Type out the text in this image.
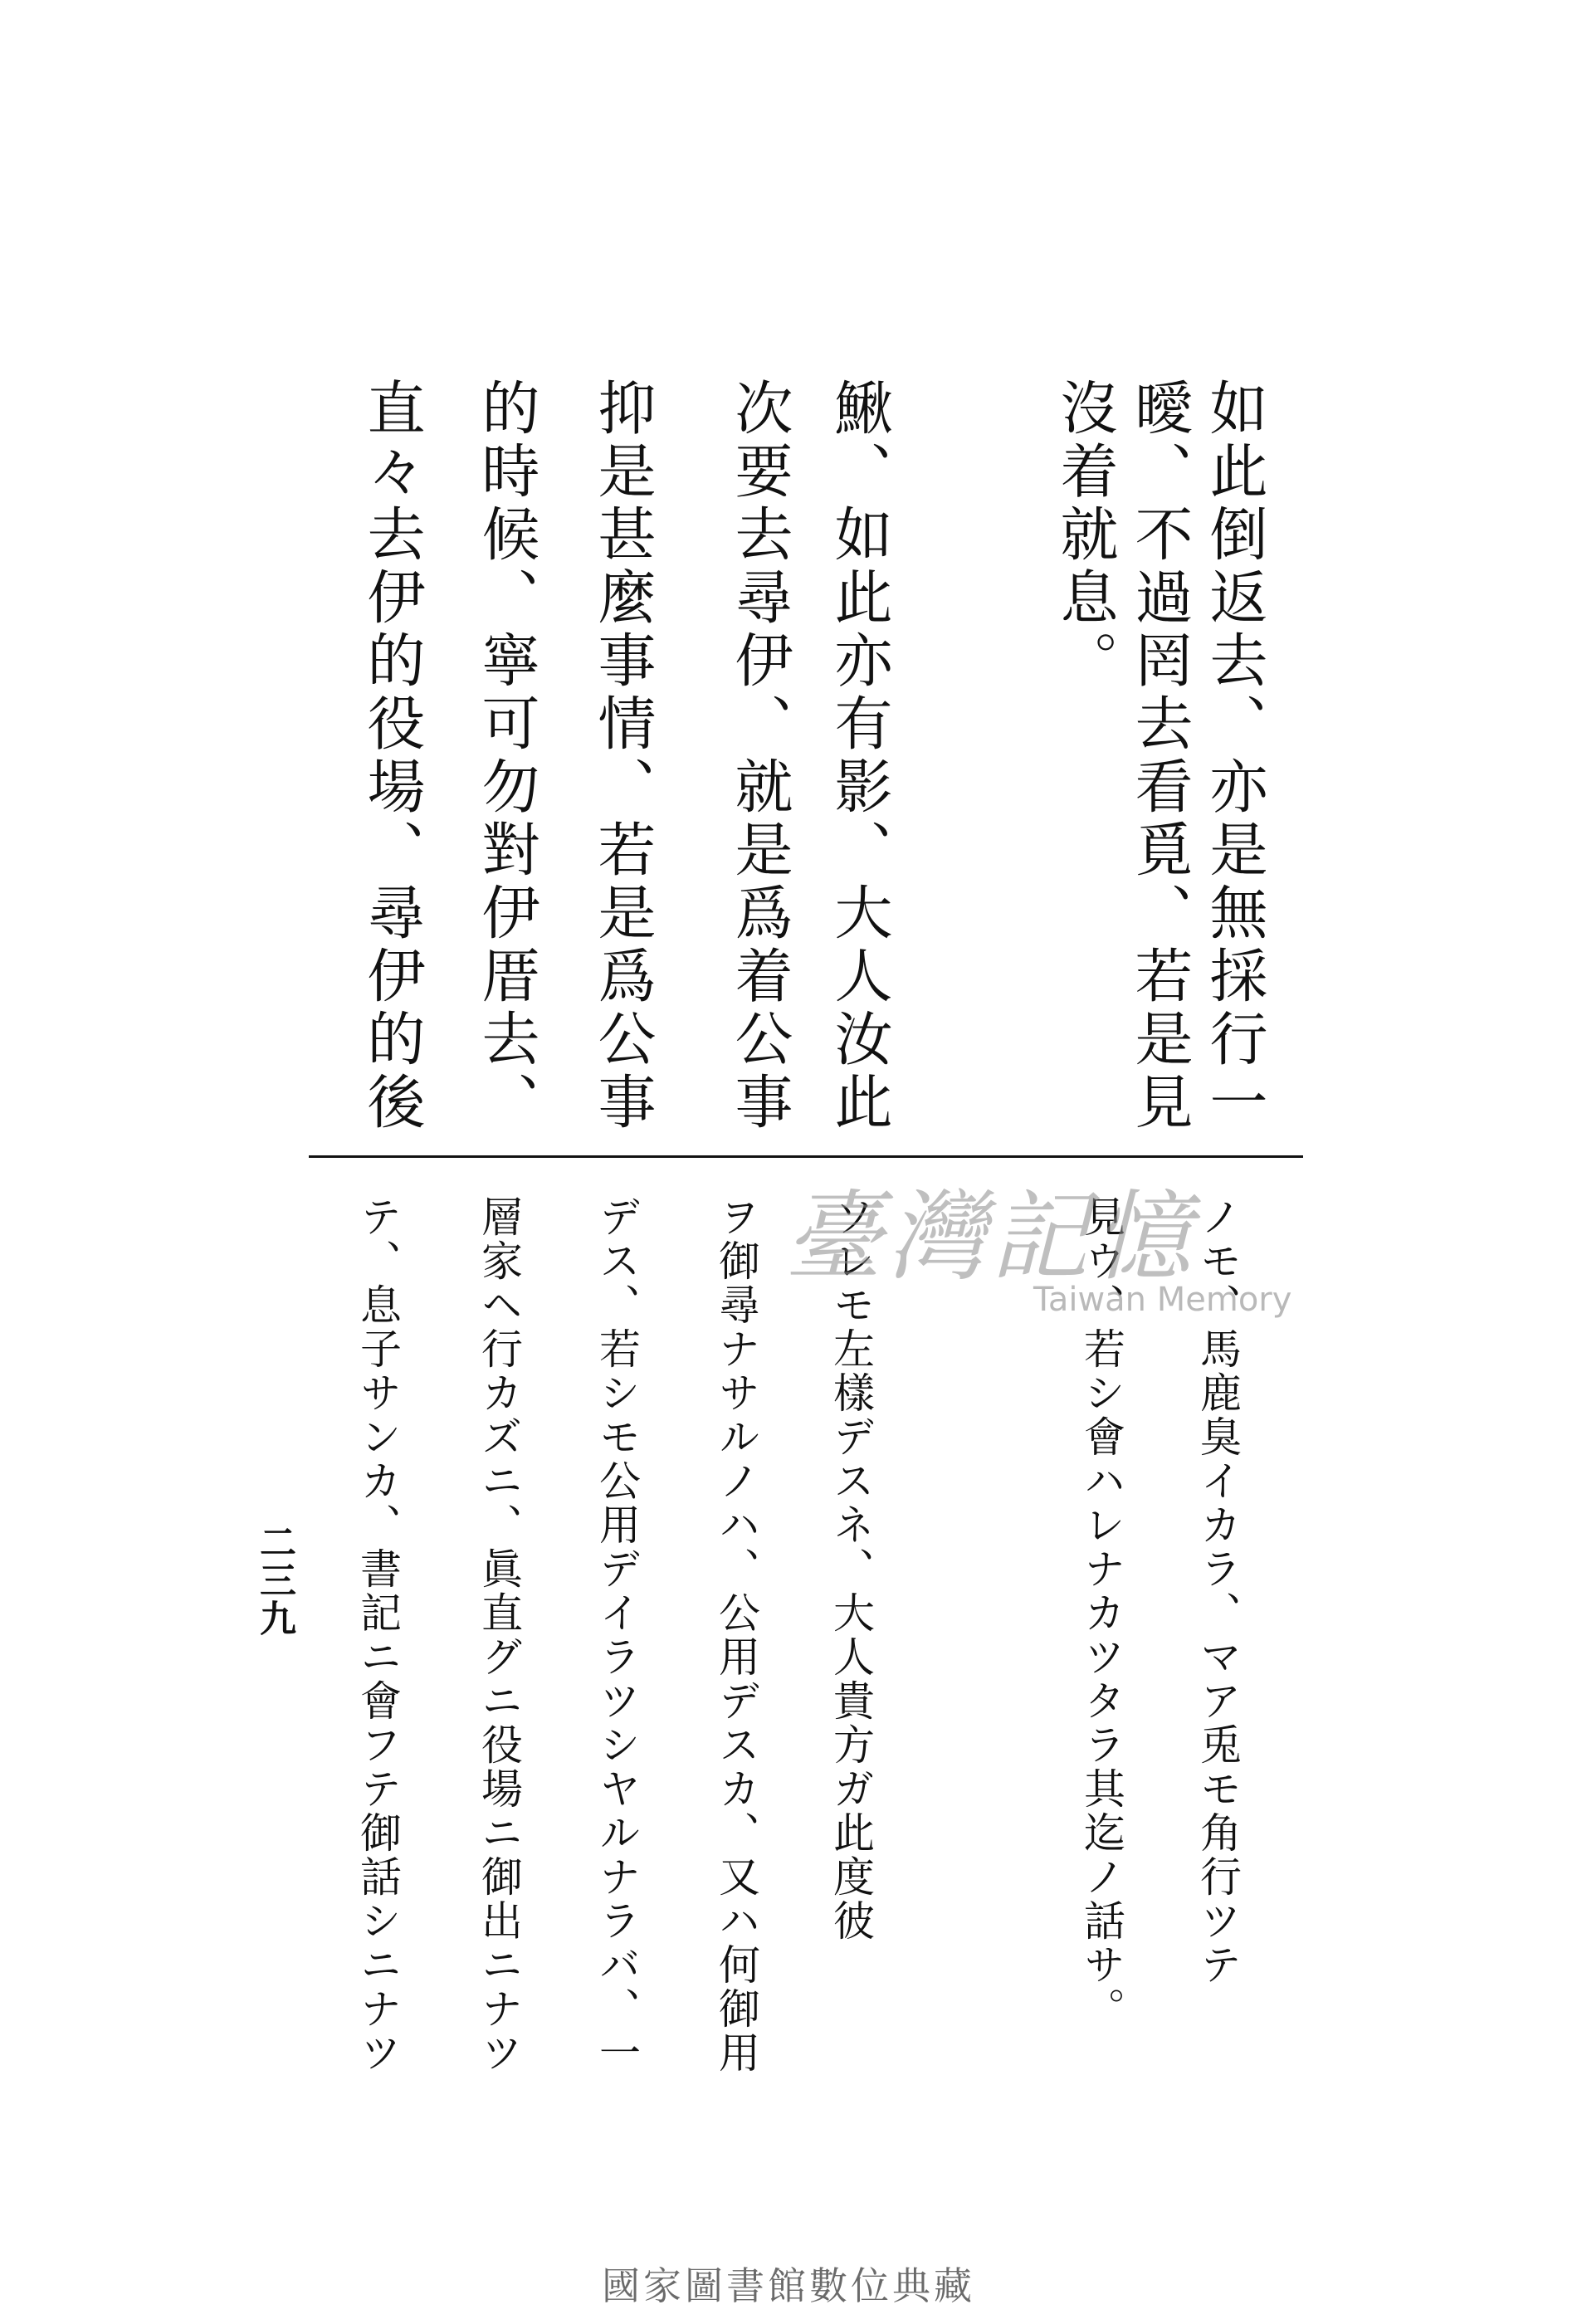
如此倒返去、亦是無採行一
曖、不過罔去看覓、若是見
沒着就息。
鰍、如此亦有影、大人汝此
次要去尋伊、就是爲着公事
抑是甚麼事情、若是爲公事
的時候、寧可勿對伊厝去、
直々去伊的役場、尋伊的後
ノモ、馬鹿臭イカラ、マア兎モ角行ツテ
見ウ、若シ會ハレナカツタラ其迄ノ話サ。
ソレモ左樣デスネ、大人貴方ガ此度彼
ヲ御尋ナサルノハ、公用デスカ、又ハ何御用
デス、若シモ公用デイラツシヤルナラバ、一
層家ヘ行カズニ、眞直グニ役場ニ御出ニナツ
テ、息子サンカ、書記ニ會フテ御話シニナツ
二三九
臺灣記憶
Taiwan Memory
國家圖書館數位典藏
